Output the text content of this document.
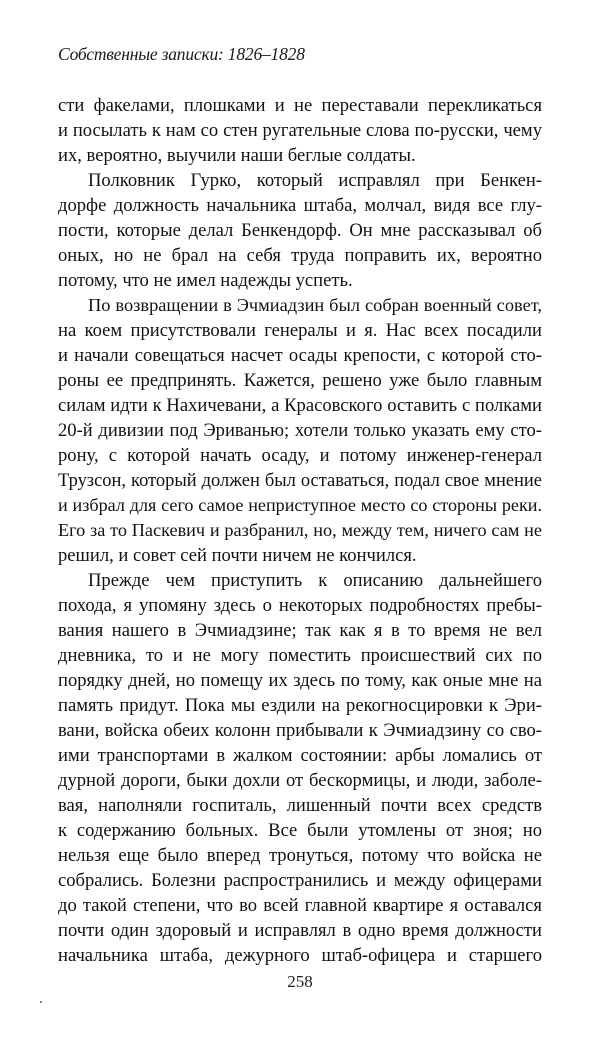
Собственные записки: 1826–1828
сти факелами, плошками и не переставали перекликаться
и посылать к нам со стен ругательные слова по-русски, чему
их, вероятно, выучили наши беглые солдаты.
Полковник Гурко, который исправлял при Бенкен-
дорфе должность начальника штаба, молчал, видя все глу-
пости, которые делал Бенкендорф. Он мне рассказывал об
оных, но не брал на себя труда поправить их, вероятно
потому, что не имел надежды успеть.
По возвращении в Эчмиадзин был собран военный совет,
на коем присутствовали генералы и я. Нас всех посадили
и начали совещаться насчет осады крепости, с которой сто-
роны ее предпринять. Кажется, решено уже было главным
силам идти к Нахичевани, а Красовского оставить с полками
20-й дивизии под Эриванью; хотели только указать ему сто-
рону, с которой начать осаду, и потому инженер-генерал
Трузсон, который должен был оставаться, подал свое мнение
и избрал для сего самое неприступное место со стороны реки.
Его за то Паскевич и разбранил, но, между тем, ничего сам не
решил, и совет сей почти ничем не кончился.
Прежде чем приступить к описанию дальнейшего
похода, я упомяну здесь о некоторых подробностях пребы-
вания нашего в Эчмиадзине; так как я в то время не вел
дневника, то и не могу поместить происшествий сих по
порядку дней, но помещу их здесь по тому, как оные мне на
память придут. Пока мы ездили на рекогносцировки к Эри-
вани, войска обеих колонн прибывали к Эчмиадзину со сво-
ими транспортами в жалком состоянии: арбы ломались от
дурной дороги, быки дохли от бескормицы, и люди, заболе-
вая, наполняли госпиталь, лишенный почти всех средств
к содержанию больных. Все были утомлены от зноя; но
нельзя еще было вперед тронуться, потому что войска не
собрались. Болезни распространились и между офицерами
до такой степени, что во всей главной квартире я оставался
почти один здоровый и исправлял в одно время должности
начальника штаба, дежурного штаб-офицера и старшего
258
